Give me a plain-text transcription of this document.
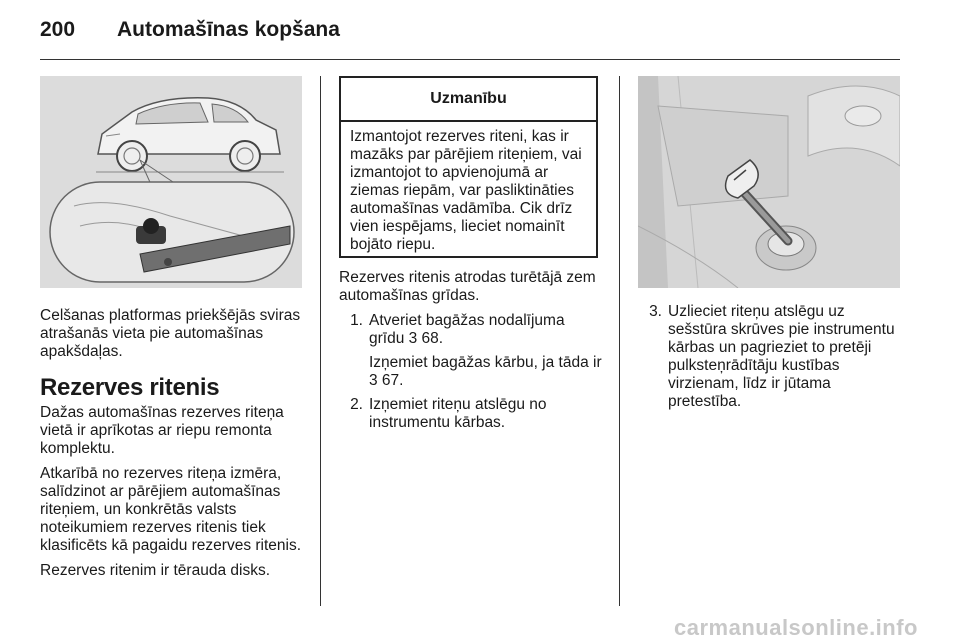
200 Automašīnas kopšana

Celšanas platformas priekšējās sviras atrašanās vieta pie automašīnas apakšdaļas.

Rezerves ritenis

Dažas automašīnas rezerves riteņa vietā ir aprīkotas ar riepu remonta komplektu.

Atkarībā no rezerves riteņa izmēra, salīdzinot ar pārējiem automašīnas riteņiem, un konkrētās valsts noteikumiem rezerves ritenis tiek klasificēts kā pagaidu rezerves ritenis.

Rezerves ritenim ir tērauda disks.

Uzmanību
Izmantojot rezerves riteni, kas ir mazāks par pārējiem riteņiem, vai izmantojot to apvienojumā ar ziemas riepām, var pasliktināties automašīnas vadāmība. Cik drīz vien iespējams, lieciet nomainīt bojāto riepu.

Rezerves ritenis atrodas turētājā zem automašīnas grīdas.

1. Atveriet bagāžas nodalījuma grīdu 3 68.
Izņemiet bagāžas kārbu, ja tāda ir 3 67.
2. Izņemiet riteņu atslēgu no instrumentu kārbas.
3. Uzlieciet riteņu atslēgu uz sešstūra skrūves pie instrumentu kārbas un pagrieziet to pretēji pulksteņrādītāju kustības virzienam, līdz ir jūtama pretestība.
carmanualsonline.info
